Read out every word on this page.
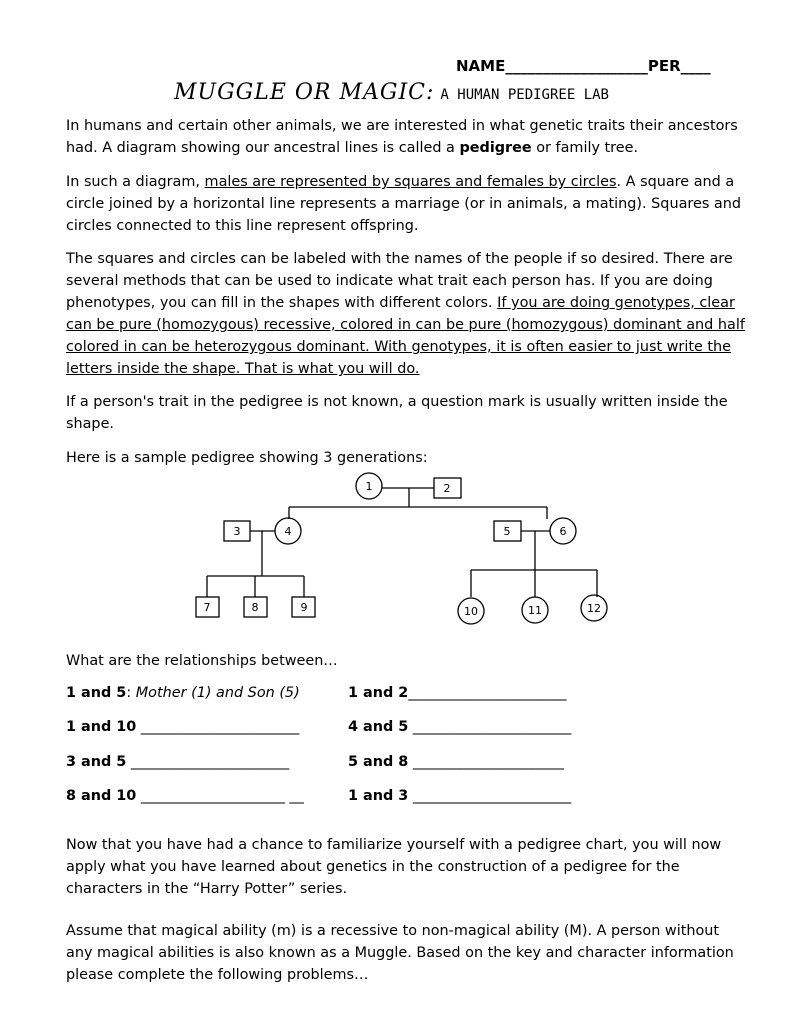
NAME___________________PER____
MUGGLE OR MAGIC: A HUMAN PEDIGREE LAB

In humans and certain other animals, we are interested in what genetic traits their ancestors had. A diagram showing our ancestral lines is called a pedigree or family tree.

In such a diagram, males are represented by squares and females by circles. A square and a circle joined by a horizontal line represents a marriage (or in animals, a mating). Squares and circles connected to this line represent offspring.

The squares and circles can be labeled with the names of the people if so desired. There are several methods that can be used to indicate what trait each person has. If you are doing phenotypes, you can fill in the shapes with different colors. If you are doing genotypes, clear can be pure (homozygous) recessive, colored in can be pure (homozygous) dominant and half colored in can be heterozygous dominant. With genotypes, it is often easier to just write the letters inside the shape. That is what you will do.

If a person's trait in the pedigree is not known, a question mark is usually written inside the shape.

Here is a sample pedigree showing 3 generations:

1	2
3	4	5	6
7	8	9	10	11	12

What are the relationships between…

1 and 5: Mother (1) and Son (5)	1 and 2______________________
1 and 10 ______________________	4 and 5 ______________________
3 and 5 ______________________	5 and 8 _____________________
8 and 10 ____________________ __	1 and 3 ______________________

Now that you have had a chance to familiarize yourself with a pedigree chart, you will now apply what you have learned about genetics in the construction of a pedigree for the characters in the “Harry Potter” series.

Assume that magical ability (m) is a recessive to non-magical ability (M). A person without any magical abilities is also known as a Muggle. Based on the key and character information please complete the following problems…
